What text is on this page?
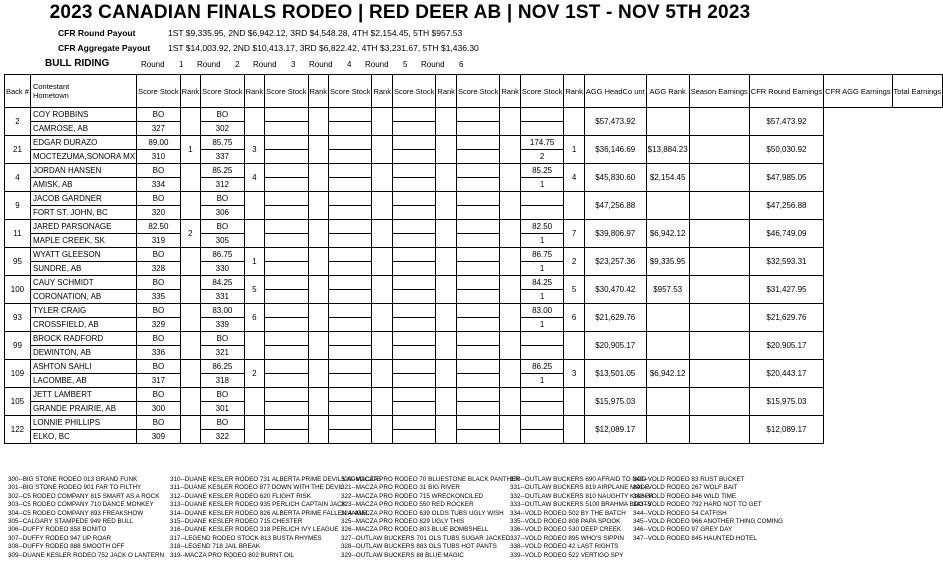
2023 CANADIAN FINALS RODEO | RED DEER AB | NOV 1ST - NOV 5TH 2023
CFR Round Payout	1ST $9,335.95, 2ND $6,942.12, 3RD $4,548.28, 4TH $2,154.45, 5TH $957.53
CFR Aggregate Payout 1ST $14,003.92, 2ND $10,413.17, 3RD $6,822.42, 4TH $3,231.67, 5TH $1,436.30
BULL RIDING	Round 1 Round 2 Round 3 Round 4 Round 5 Round 6
Back #	Contestant
Hometown	Score Stock	Rank	Score Stock	Rank	Score Stock	Rank	Score Stock	Rank	Score Stock	Rank	Score Stock	Rank	Score Stock	Rank	AGG HeadCo unt	AGG Rank	Season Earnings	CFR Round Earnings	CFR AGG Earnings	Total Earnings
2	COY ROBBINS	BO		BO												$57,473.92			$57,473.92		
	CAMROSE, AB	327		302																	
21	EDGAR DURAZO	89.00	1	85.75	3									174.75	1	$36,146.69	$13,884.23		$50,030.92		
	MOCTEZUMA,SONORA MX	310		337										2							
4	JORDAN HANSEN	BO		85.25	4									85.25	4	$45,830.60	$2,154.45		$47,985.05		
	AMISK, AB	334		312										1							
9	JACOB GARDNER	BO		BO												$47,256.88			$47,256.88		
	FORT ST. JOHN, BC	320		306																	
11	JARED PARSONAGE	82.50	2	BO										82.50	7	$39,806.97	$6,942.12		$46,749.09		
	MAPLE CREEK, SK	319		305										1							
95	WYATT GLEESON	BO		86.75	1									86.75	2	$23,257.36	$9,335.95		$32,593.31		
	SUNDRE, AB	328		330										1							
100	CAUY SCHMIDT	BO		84.25	5									84.25	5	$30,470.42	$957.53		$31,427.95		
	CORONATION, AB	335		331										1							
93	TYLER CRAIG	BO		83.00	6									83.00	6	$21,629.76			$21,629.76		
	CROSSFIELD, AB	329		339										1							
99	BROCK RADFORD	BO		BO												$20,905.17			$20,905.17		
	DEWINTON, AB	336		321																	
109	ASHTON SAHLI	BO		86.25	2									86.25	3	$13,501.05	$6,942.12		$20,443.17		
	LACOMBE, AB	317		318										1							
105	JETT LAMBERT	BO		BO												$15,975.03			$15,975.03		
	GRANDE PRAIRIE, AB	300		301																	
122	LONNIE PHILLIPS	BO		BO												$12,089.17			$12,089.17		
	ELKO, BC	309		322																	
300--BIG STONE RODEO 013 GRAND FUNK
301--BIG STONE RODEO 901 FAR TO FILTHY
302--C5 RODEO COMPANY 815 SMART AS A ROCK
303--C5 RODEO COMPANY 710 DANCE MONKEY
304--C5 RODEO COMPANY 893 FREAKSHOW
305--CALGARY STAMPEDE 949 RED BULL
306--DUFFY RODEO 858 BONITO
307--DUFFY RODEO 947 UP ROAR
308--DUFFY RODEO 888 SMOOTH OFF
309--DUANE KESLER RODEO 752 JACK O LANTERN
310--DUANE KESLER RODEO 731 ALBERTA PRIME DEVILS ADVOCATE
311--DUANE KESLER RODEO 877 DOWN WITH THE DEVIL
312--DUANE KESLER RODEO 620 FLIGHT RISK
313--DUANE KESLER RODEO 935 PERLICH CAPTAIN JACK
314--DUANE KESLER RODEO 826 ALBERTA PRIME FALLEN ANGEL
315--DUANE KESLER RODEO 715 CHESTER
316--DUANE KESLER RODEO 318 PERLICH IVY LEAGUE
317--LEGEND RODEO STOCK 813 BUSTA RHYMES
318--LEGEND 718 JAIL BREAK
319--MACZA PRO RODEO 802 BURNT OIL
320--MACZA PRO RODEO 70 BLUESTONE BLACK PANTHER
321--MACZA PRO RODEO 31 BIG RIVER
322--MACZA PRO RODEO 715 WRECKONCILED
323--MACZA PRO RODEO 550 RED ROCKER
324--MACZA PRO RODEO 639 OLDS TUBS UGLY WISH
325--MACZA PRO RODEO 829 UGLY THIS
326--MACZA PRO RODEO 803 BLUE BOMBSHELL
327--OUTLAW BUCKERS 701 OLS TUBS SUGAR JACKED
328--OUTLAW BUCKERS 883 OLS TUBS HOT PANTS
329--OUTLAW BUCKERS 88 BLUE MAGIC
330--OUTLAW BUCKERS 690 AFRAID TO NOD
331--OUTLAW BUCKERS 819 AIRPLANE MODE
332--OUTLAW BUCKERS 810 NAUGHTY KISHER
333--OUTLAW BUCKERS 5100 BRAHMA BOOTS
334--VOLD RODEO 502 BY THE BATCH
335--VOLD RODEO 808 PAPA SPOOK
336--VOLD RODEO 530 DEEP CREEK
337--VOLD RODEO 895 WHO'S SIPPIN
338--VOLD RODEO 42 LAST RIGHTS
339--VOLD RODEO 522 VERTIGO SPY
340--VOLD RODEO 83 RUST BUCKET
341--VOLD RODEO 267 WOLF BAIT
342--VOLD RODEO 846 WILD TIME
343--VOLD RODEO 792 HARD NOT TO GET
344--VOLD RODEO 54 CATFISH
345--VOLD RODEO 966 ANOTHER THING COMING
346--VOLD RODEO 97 GREY DAY
347--VOLD RODEO 845 HAUNTED HOTEL
